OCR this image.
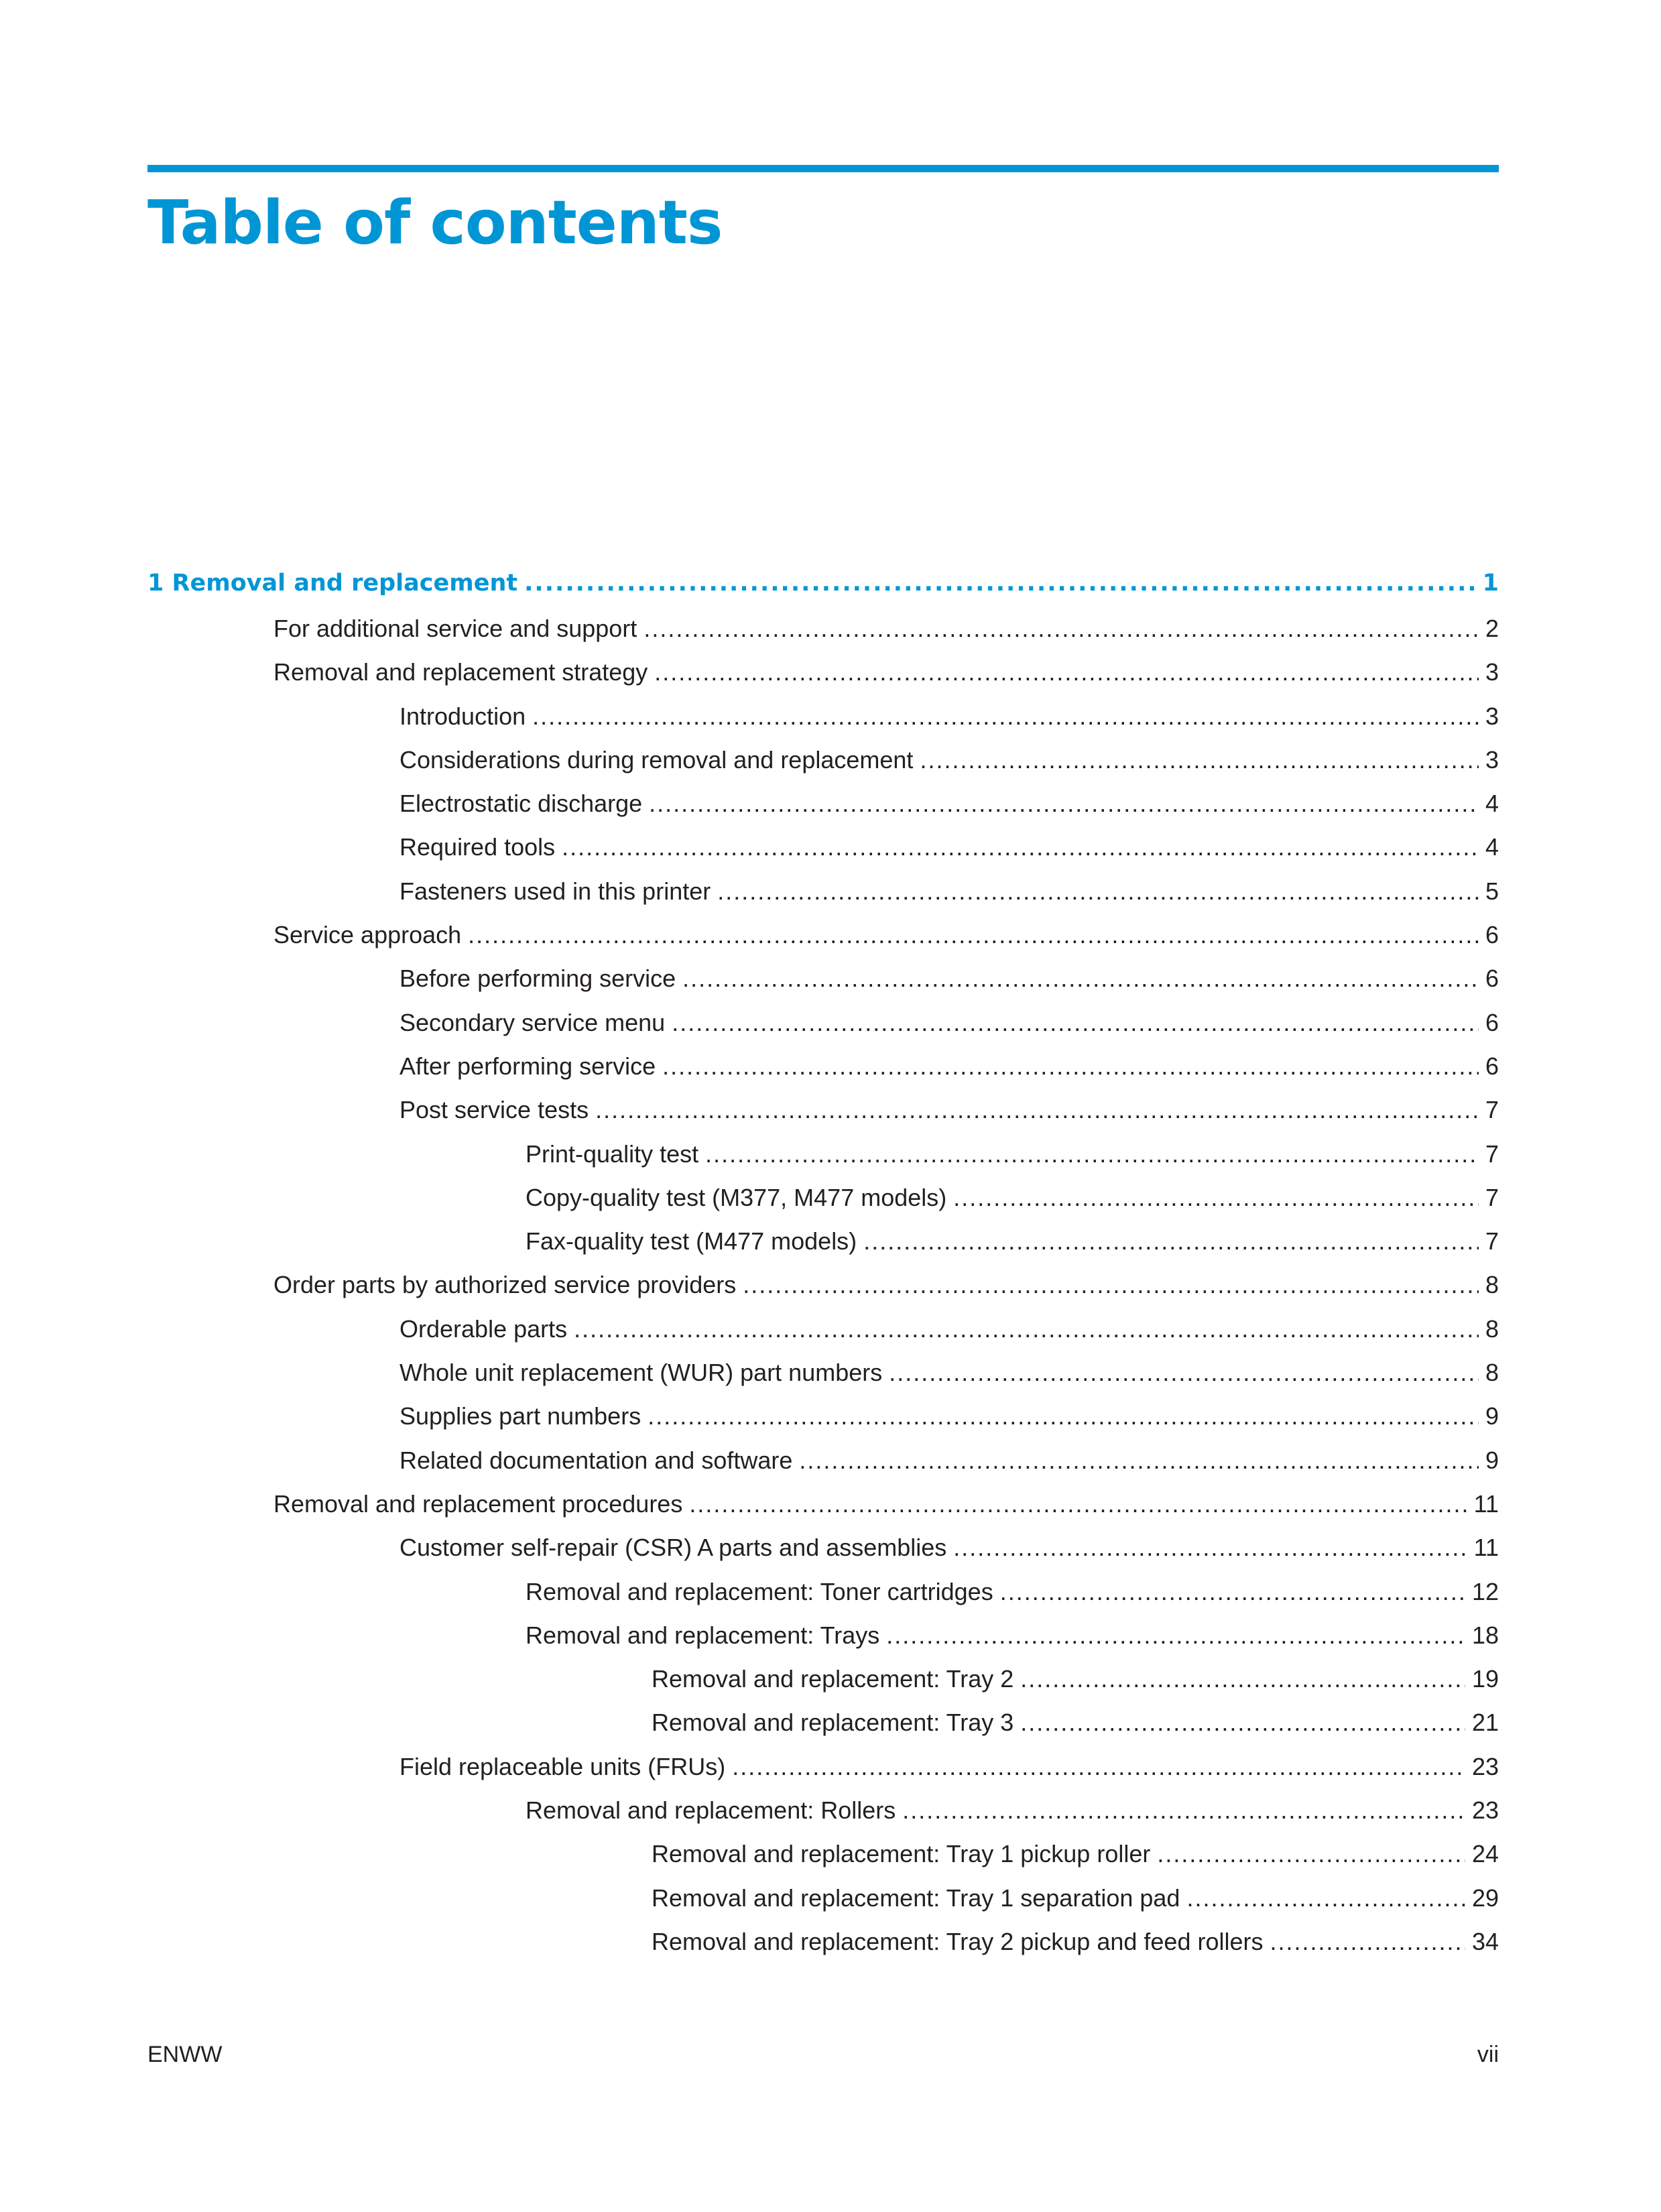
Table of contents
1 Removal and replacement .....	1
For additional service and support .....	2
Removal and replacement strategy .....	3
Introduction .....	3
Considerations during removal and replacement .....	3
Electrostatic discharge .....	4
Required tools .....	4
Fasteners used in this printer .....	5
Service approach .....	6
Before performing service .....	6
Secondary service menu .....	6
After performing service .....	6
Post service tests .....	7
Print-quality test .....	7
Copy-quality test (M377, M477 models) .....	7
Fax-quality test (M477 models) .....	7
Order parts by authorized service providers .....	8
Orderable parts .....	8
Whole unit replacement (WUR) part numbers .....	8
Supplies part numbers .....	9
Related documentation and software .....	9
Removal and replacement procedures .....	11
Customer self-repair (CSR) A parts and assemblies .....	11
Removal and replacement: Toner cartridges .....	12
Removal and replacement: Trays .....	18
Removal and replacement: Tray 2 .....	19
Removal and replacement: Tray 3 .....	21
Field replaceable units (FRUs) .....	23
Removal and replacement: Rollers .....	23
Removal and replacement: Tray 1 pickup roller .....	24
Removal and replacement: Tray 1 separation pad .....	29
Removal and replacement: Tray 2 pickup and feed rollers .....	34
ENWW	vii
